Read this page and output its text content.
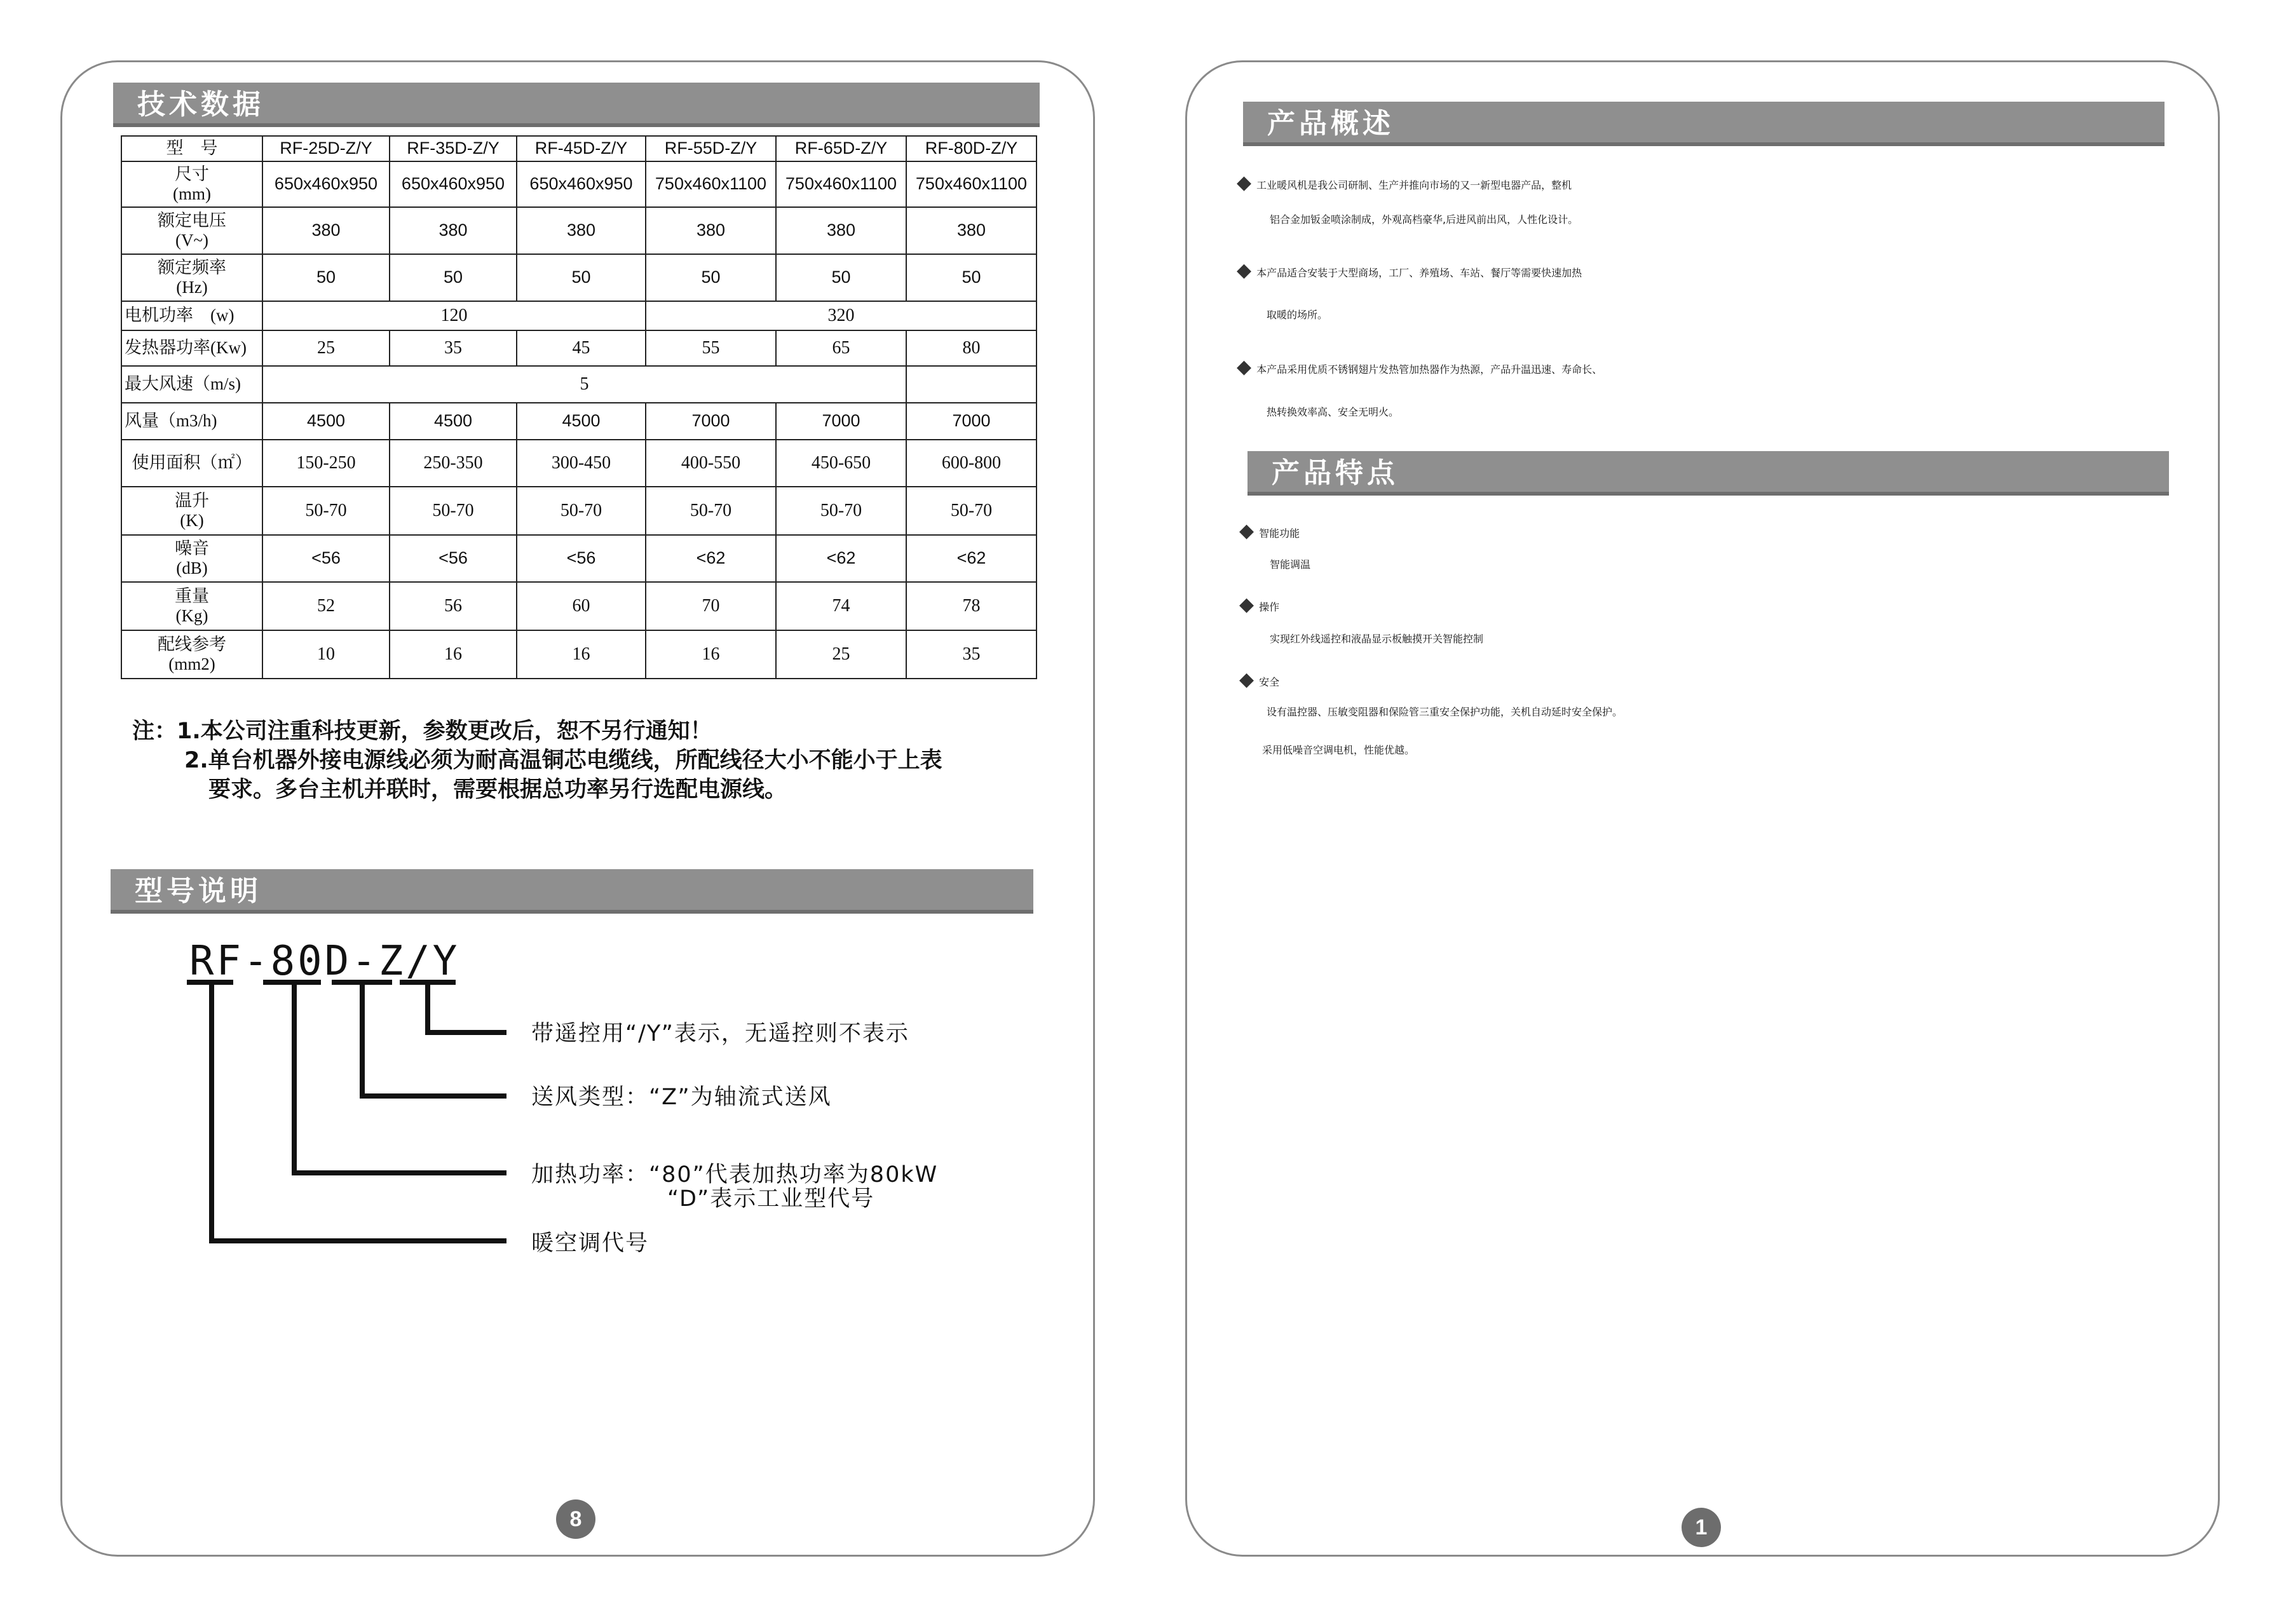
技术数据
型　号	RF-25D-Z/Y	RF-35D-Z/Y	RF-45D-Z/Y	RF-55D-Z/Y	RF-65D-Z/Y	RF-80D-Z/Y

尺寸
(mm)	650x460x950	650x460x950	650x460x950	750x460x1100	750x460x1100	750x460x1100

额定电压
(V~)	380	380	380	380	380	380

额定频率
(Hz)	50	50	50	50	50	50
电机功率　(w)	120			320		
发热器功率(Kw)	25	35	45	55	65	80
最大风速（m/s)	5					
风量（m3/h)	4500	4500	4500	7000	7000	7000
使用面积（㎡）	150-250	250-350	300-450	400-550	450-650	600-800

温升
(K)	50-70	50-70	50-70	50-70	50-70	50-70

噪音
(dB)	<56	<56	<56	<62	<62	<62

重量
(Kg)	52	56	60	70	74	78

配线参考
(mm2)	10	16	16	16	25	35
注：1.本公司注重科技更新，参数更改后，恕不另行通知！
2.单台机器外接电源线必须为耐高温铜芯电缆线，所配线径大小不能小于上表
要求。多台主机并联时，需要根据总功率另行选配电源线。
型号说明
RF-80D-Z/Y
带遥控用“/Y”表示，无遥控则不表示
送风类型：“Z”为轴流式送风
加热功率：“80”代表加热功率为80kW
“D”表示工业型代号
暖空调代号
8
产品概述
◆ 工业暖风机是我公司研制、生产并推向市场的又一新型电器产品，整机
铝合金加钣金喷涂制成，外观高档豪华,后进风前出风，人性化设计。
◆ 本产品适合安装于大型商场，工厂、养殖场、车站、餐厅等需要快速加热
取暖的场所。
◆ 本产品采用优质不锈钢翅片发热管加热器作为热源，产品升温迅速、寿命长、
热转换效率高、安全无明火。
产品特点
◆ 智能功能
智能调温
◆ 操作
实现红外线遥控和液晶显示板触摸开关智能控制
◆ 安全
设有温控器、压敏变阻器和保险管三重安全保护功能，关机自动延时安全保护。
采用低噪音空调电机，性能优越。
1
